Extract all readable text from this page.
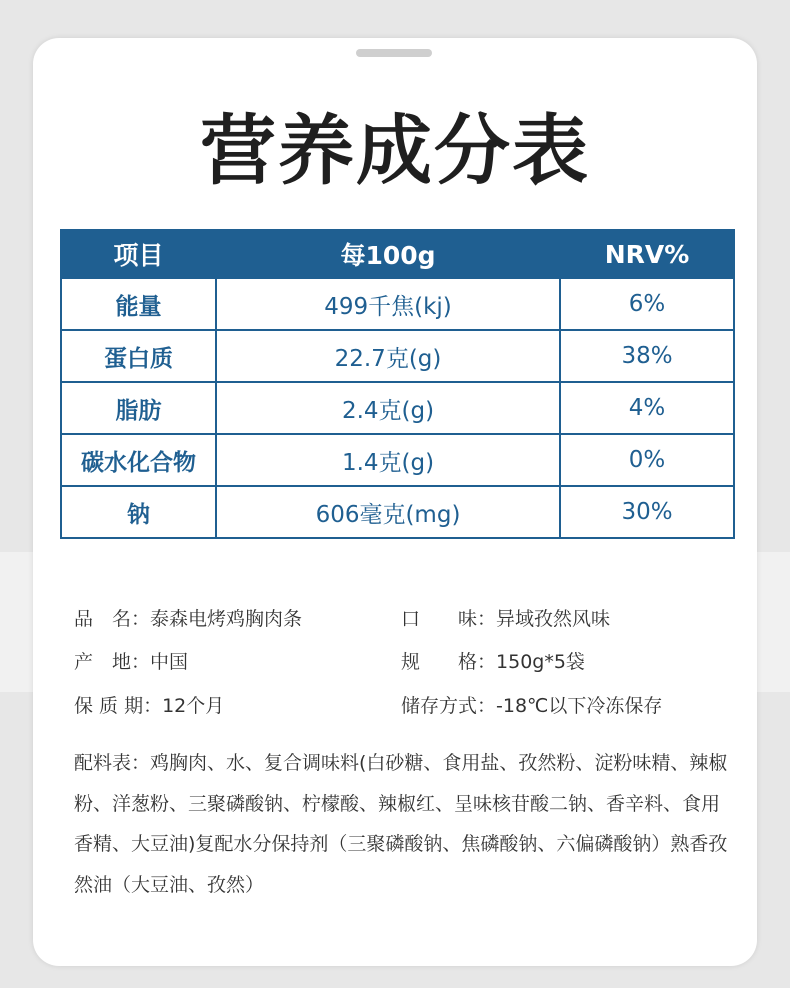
营养成分表
项目	每100g	NRV%
能量	499千焦(kj)	6%
蛋白质	22.7克(g)	38%
脂肪	2.4克(g)	4%
碳水化合物	1.4克(g)	0%
钠	606毫克(mg)	30%
品　名：泰森电烤鸡胸肉条
产　地：中国
保 质 期：12个月
口　　味：异域孜然风味
规　　格：150g*5袋
储存方式：-18℃以下冷冻保存
配料表：鸡胸肉、水、复合调味料(白砂糖、食用盐、孜然粉、淀粉味精、辣椒粉、洋葱粉、三聚磷酸钠、柠檬酸、辣椒红、呈味核苷酸二钠、香辛料、食用香精、大豆油)复配水分保持剂（三聚磷酸钠、焦磷酸钠、六偏磷酸钠）熟香孜然油（大豆油、孜然）
